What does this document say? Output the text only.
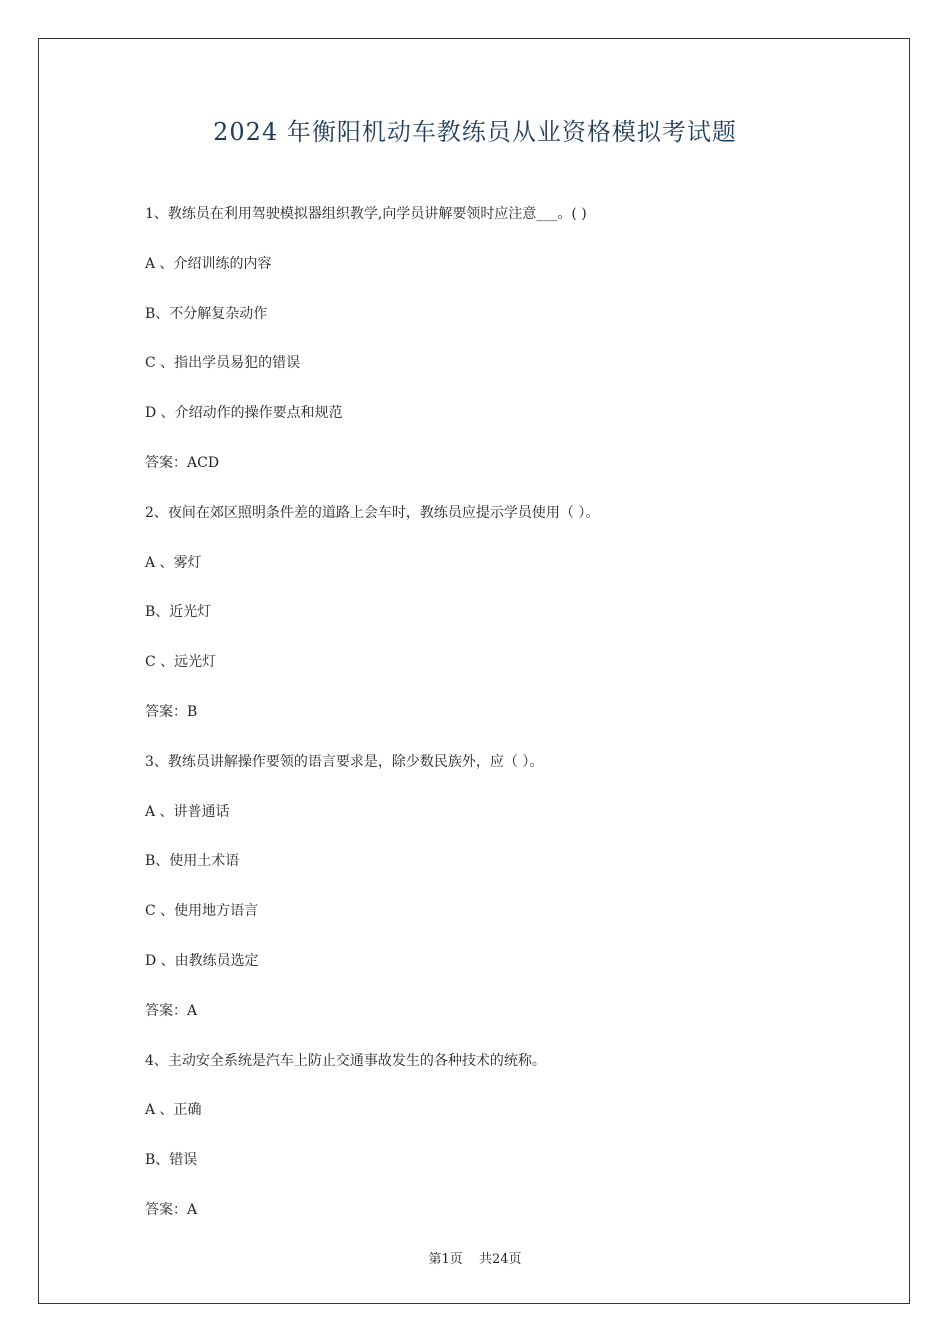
2024 年衡阳机动车教练员从业资格模拟考试题
1、教练员在利用驾驶模拟器组织教学,向学员讲解要领时应注意___。( )
A 、介绍训练的内容
B、不分解复杂动作
C 、指出学员易犯的错误
D 、介绍动作的操作要点和规范
答案：ACD
2、夜间在郊区照明条件差的道路上会车时，教练员应提示学员使用（ ）。
A 、雾灯
B、近光灯
C 、远光灯
答案：B
3、教练员讲解操作要领的语言要求是，除少数民族外，应（ ）。
A 、讲普通话
B、使用土术语
C 、使用地方语言
D 、由教练员选定
答案：A
4、主动安全系统是汽车上防止交通事故发生的各种技术的统称。
A 、正确
B、错误
答案：A
第1页 共24页
